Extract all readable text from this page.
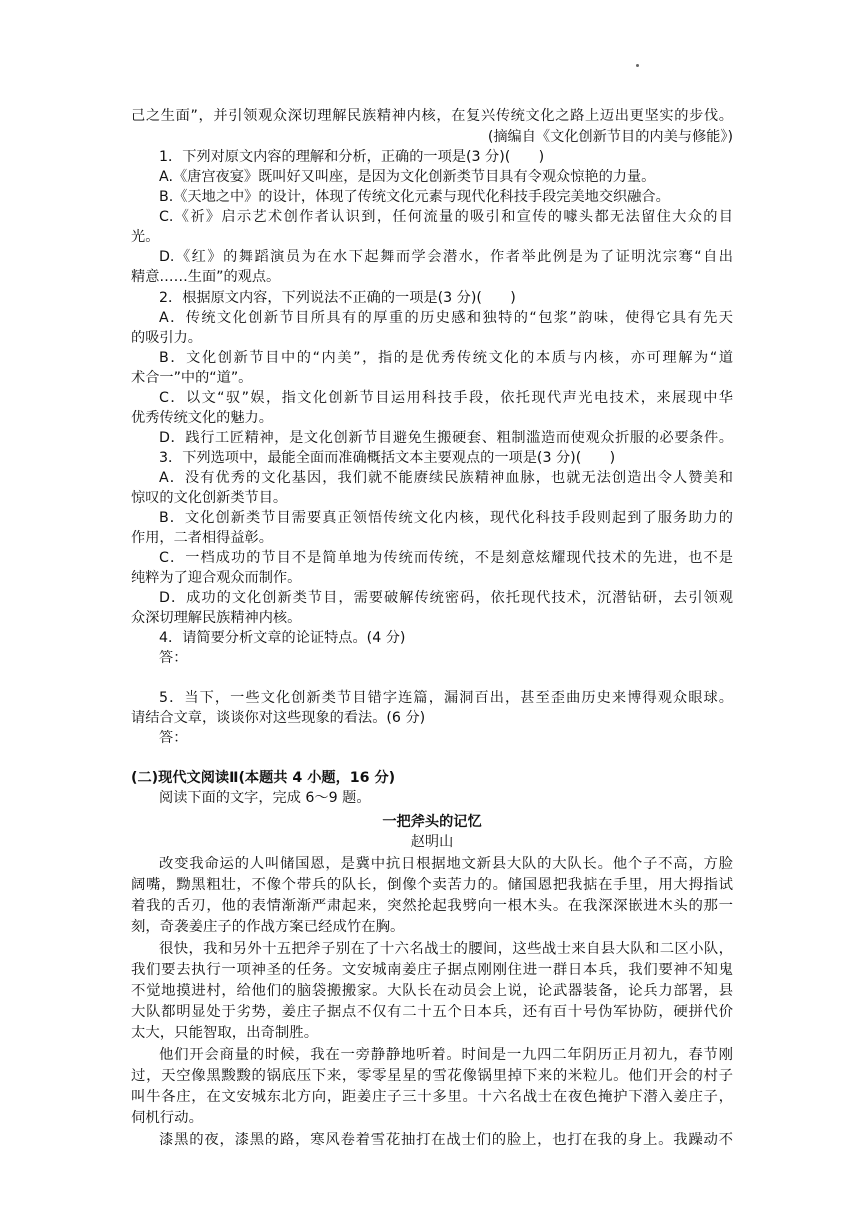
己之生面”，并引领观众深切理解民族精神内核，在复兴传统文化之路上迈出更坚实的步伐。
(摘编自《文化创新节目的内美与修能》)
1．下列对原文内容的理解和分析，正确的一项是(3 分)(　　)
A.《唐宫夜宴》既叫好又叫座，是因为文化创新类节目具有令观众惊艳的力量。
B.《天地之中》的设计，体现了传统文化元素与现代化科技手段完美地交织融合。
C.《祈》启示艺术创作者认识到，任何流量的吸引和宣传的噱头都无法留住大众的目
光。
D.《红》的舞蹈演员为在水下起舞而学会潜水，作者举此例是为了证明沈宗骞“自出
精意……生面”的观点。
2．根据原文内容，下列说法不正确的一项是(3 分)(　　)
A．传统文化创新节目所具有的厚重的历史感和独特的“包浆”韵味，使得它具有先天
的吸引力。
B．文化创新节目中的“内美”，指的是优秀传统文化的本质与内核，亦可理解为“道
术合一”中的“道”。
C．以文“驭”娱，指文化创新节目运用科技手段，依托现代声光电技术，来展现中华
优秀传统文化的魅力。
D．践行工匠精神，是文化创新节目避免生搬硬套、粗制滥造而使观众折服的必要条件。
3．下列选项中，最能全面而准确概括文本主要观点的一项是(3 分)(　　)
A．没有优秀的文化基因，我们就不能赓续民族精神血脉，也就无法创造出令人赞美和
惊叹的文化创新类节目。
B．文化创新类节目需要真正领悟传统文化内核，现代化科技手段则起到了服务助力的
作用，二者相得益彰。
C．一档成功的节目不是简单地为传统而传统，不是刻意炫耀现代技术的先进，也不是
纯粹为了迎合观众而制作。
D．成功的文化创新类节目，需要破解传统密码，依托现代技术，沉潜钻研，去引领观
众深切理解民族精神内核。
4．请简要分析文章的论证特点。(4 分)
答：
5．当下，一些文化创新类节目错字连篇，漏洞百出，甚至歪曲历史来博得观众眼球。
请结合文章，谈谈你对这些现象的看法。(6 分)
答：
(二)现代文阅读Ⅱ(本题共 4 小题，16 分)
阅读下面的文字，完成 6～9 题。
一把斧头的记忆
赵明山
改变我命运的人叫储国恩，是冀中抗日根据地文新县大队的大队长。他个子不高，方脸
阔嘴，黝黑粗壮，不像个带兵的队长，倒像个卖苦力的。储国恩把我掂在手里，用大拇指试
着我的舌刃，他的表情渐渐严肃起来，突然抡起我劈向一根木头。在我深深嵌进木头的那一
刻，奇袭姜庄子的作战方案已经成竹在胸。
很快，我和另外十五把斧子别在了十六名战士的腰间，这些战士来自县大队和二区小队，
我们要去执行一项神圣的任务。文安城南姜庄子据点刚刚住进一群日本兵，我们要神不知鬼
不觉地摸进村，给他们的脑袋搬搬家。大队长在动员会上说，论武器装备，论兵力部署，县
大队都明显处于劣势，姜庄子据点不仅有二十五个日本兵，还有百十号伪军协防，硬拼代价
太大，只能智取，出奇制胜。
他们开会商量的时候，我在一旁静静地听着。时间是一九四二年阴历正月初九，春节刚
过，天空像黑黢黢的锅底压下来，零零星星的雪花像锅里掉下来的米粒儿。他们开会的村子
叫牛各庄，在文安城东北方向，距姜庄子三十多里。十六名战士在夜色掩护下潜入姜庄子，
伺机行动。
漆黑的夜，漆黑的路，寒风卷着雪花抽打在战士们的脸上，也打在我的身上。我躁动不
